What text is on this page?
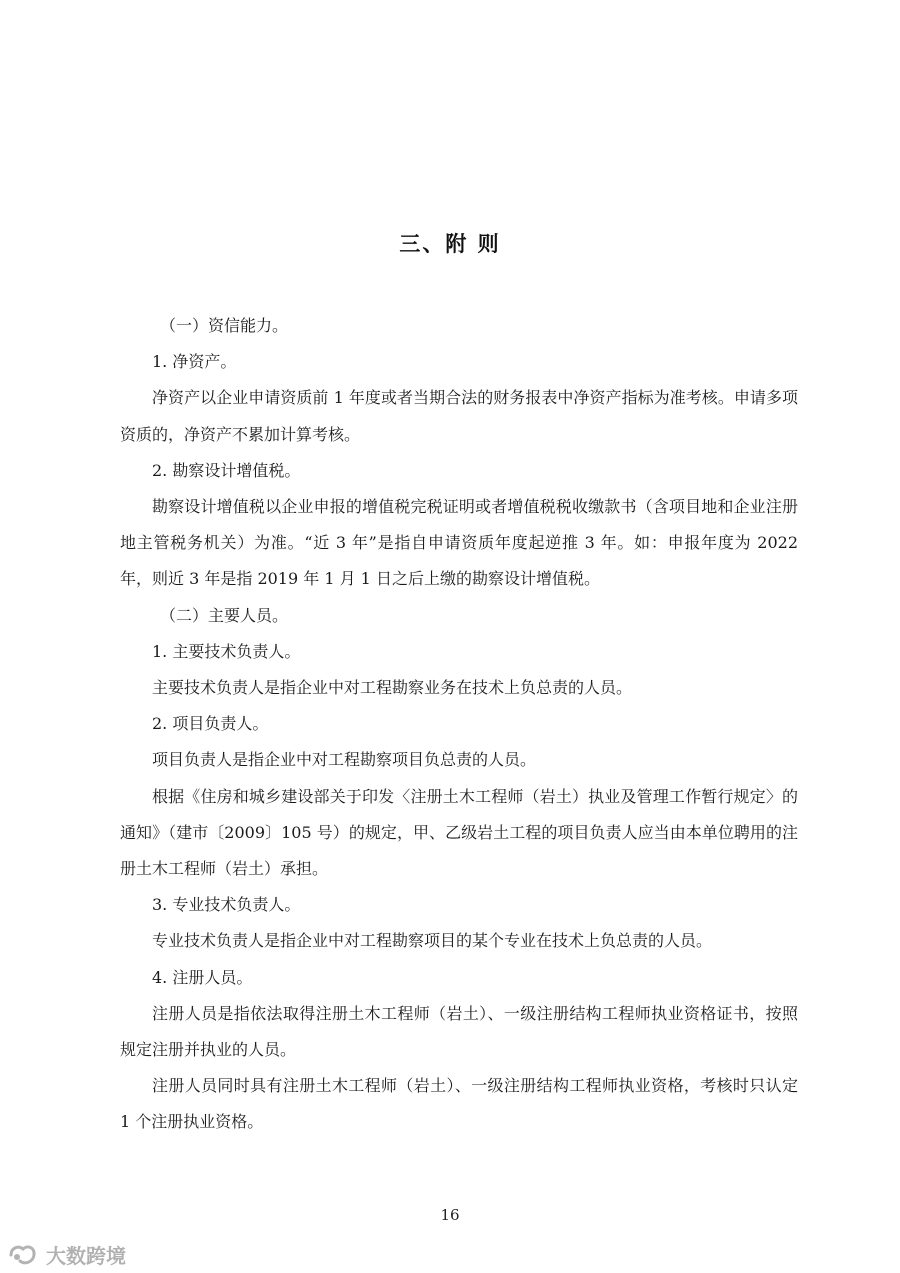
三、附 则

（一）资信能力。

1. 净资产。

净资产以企业申请资质前 1 年度或者当期合法的财务报表中净资产指标为准考核。申请多项资质的，净资产不累加计算考核。

2. 勘察设计增值税。

勘察设计增值税以企业申报的增值税完税证明或者增值税税收缴款书（含项目地和企业注册地主管税务机关）为准。“近 3 年”是指自申请资质年度起逆推 3 年。如：申报年度为 2022 年，则近 3 年是指 2019 年 1 月 1 日之后上缴的勘察设计增值税。

（二）主要人员。

1. 主要技术负责人。

主要技术负责人是指企业中对工程勘察业务在技术上负总责的人员。

2. 项目负责人。

项目负责人是指企业中对工程勘察项目负总责的人员。

根据《住房和城乡建设部关于印发〈注册土木工程师（岩土）执业及管理工作暂行规定〉的通知》（建市〔2009〕105 号）的规定，甲、乙级岩土工程的项目负责人应当由本单位聘用的注册土木工程师（岩土）承担。

3. 专业技术负责人。

专业技术负责人是指企业中对工程勘察项目的某个专业在技术上负总责的人员。

4. 注册人员。

注册人员是指依法取得注册土木工程师（岩土）、一级注册结构工程师执业资格证书，按照规定注册并执业的人员。

注册人员同时具有注册土木工程师（岩土）、一级注册结构工程师执业资格，考核时只认定 1 个注册执业资格。

16
大数跨境
